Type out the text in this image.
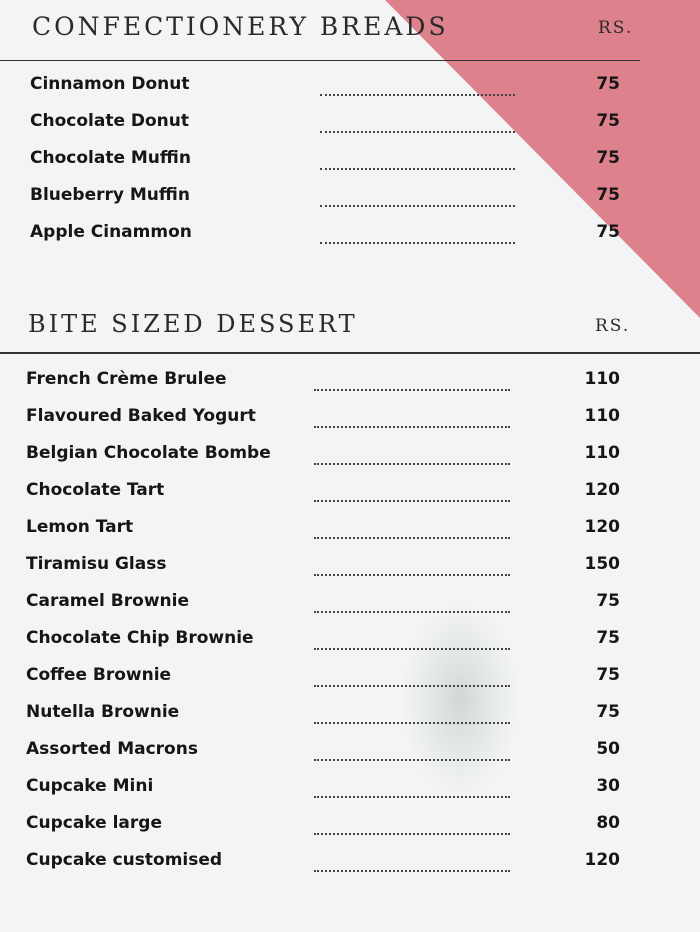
CONFECTIONERY BREADS	RS.
Cinnamon Donut	75
Chocolate Donut	75
Chocolate Muffin	75
Blueberry Muffin	75
Apple Cinammon	75
BITE SIZED DESSERT	RS.
French Crème Brulee	110
Flavoured Baked Yogurt	110
Belgian Chocolate Bombe	110
Chocolate Tart	120
Lemon Tart	120
Tiramisu Glass	150
Caramel Brownie	75
Chocolate Chip Brownie	75
Coffee Brownie	75
Nutella Brownie	75
Assorted Macrons	50
Cupcake Mini	30
Cupcake large	80
Cupcake customised	120
